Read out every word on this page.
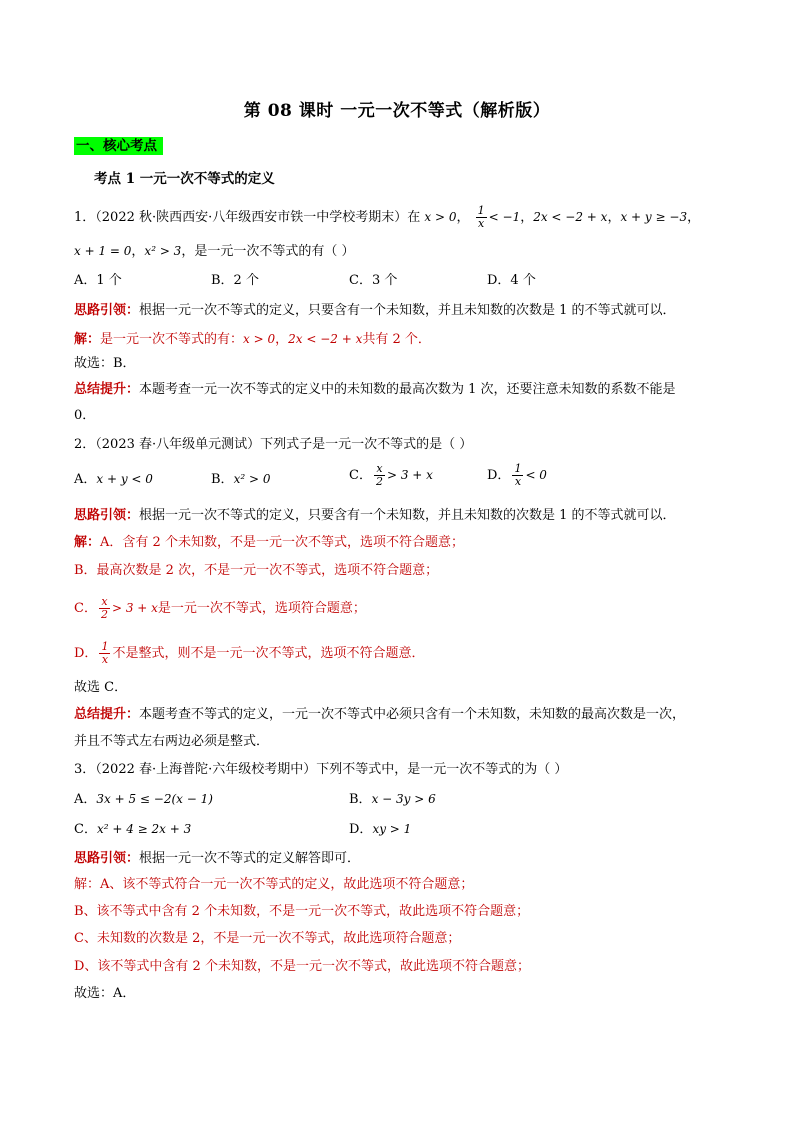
第 08 课时 一元一次不等式（解析版）
一、核心考点
考点 1 一元一次不等式的定义
1．（2022 秋·陕西西安·八年级西安市铁一中学校考期末）在 x > 0， $\frac{1}{x} < -1$，2x < −2 + x，x + y ≥ −3，
x + 1 = 0，x² > 3，是一元一次不等式的有（ ）
A．1 个	B．2 个	C．3 个	D．4 个
思路引领：根据一元一次不等式的定义，只要含有一个未知数，并且未知数的次数是 1 的不等式就可以．
解：是一元一次不等式的有：x > 0，2x < −2 + x共有 2 个．
故选：B．
总结提升：本题考查一元一次不等式的定义中的未知数的最高次数为 1 次，还要注意未知数的系数不能是
0．
2．（2023 春·八年级单元测试）下列式子是一元一次不等式的是（ ）
A．x + y < 0	B．x² > 0	C． $\frac{x}{2} > 3 + x$	D． $\frac{1}{x} < 0$
思路引领：根据一元一次不等式的定义，只要含有一个未知数，并且未知数的次数是 1 的不等式就可以．
解：A．含有 2 个未知数，不是一元一次不等式，选项不符合题意；
B．最高次数是 2 次，不是一元一次不等式，选项不符合题意；
C． $\frac{x}{2} > 3 + x$是一元一次不等式，选项符合题意；
D． $\frac{1}{x}$ 不是整式，则不是一元一次不等式，选项不符合题意．
故选 C．
总结提升：本题考查不等式的定义，一元一次不等式中必须只含有一个未知数，未知数的最高次数是一次，
并且不等式左右两边必须是整式．
3．（2022 春·上海普陀·六年级校考期中）下列不等式中，是一元一次不等式的为（ ）
A．3x + 5 ≤ −2(x − 1)	B．x − 3y > 6
C．x² + 4 ≥ 2x + 3	D．xy > 1
思路引领：根据一元一次不等式的定义解答即可．
解：A、该不等式符合一元一次不等式的定义，故此选项不符合题意；
B、该不等式中含有 2 个未知数，不是一元一次不等式，故此选项不符合题意；
C、未知数的次数是 2，不是一元一次不等式，故此选项符合题意；
D、该不等式中含有 2 个未知数，不是一元一次不等式，故此选项不符合题意；
故选：A．
